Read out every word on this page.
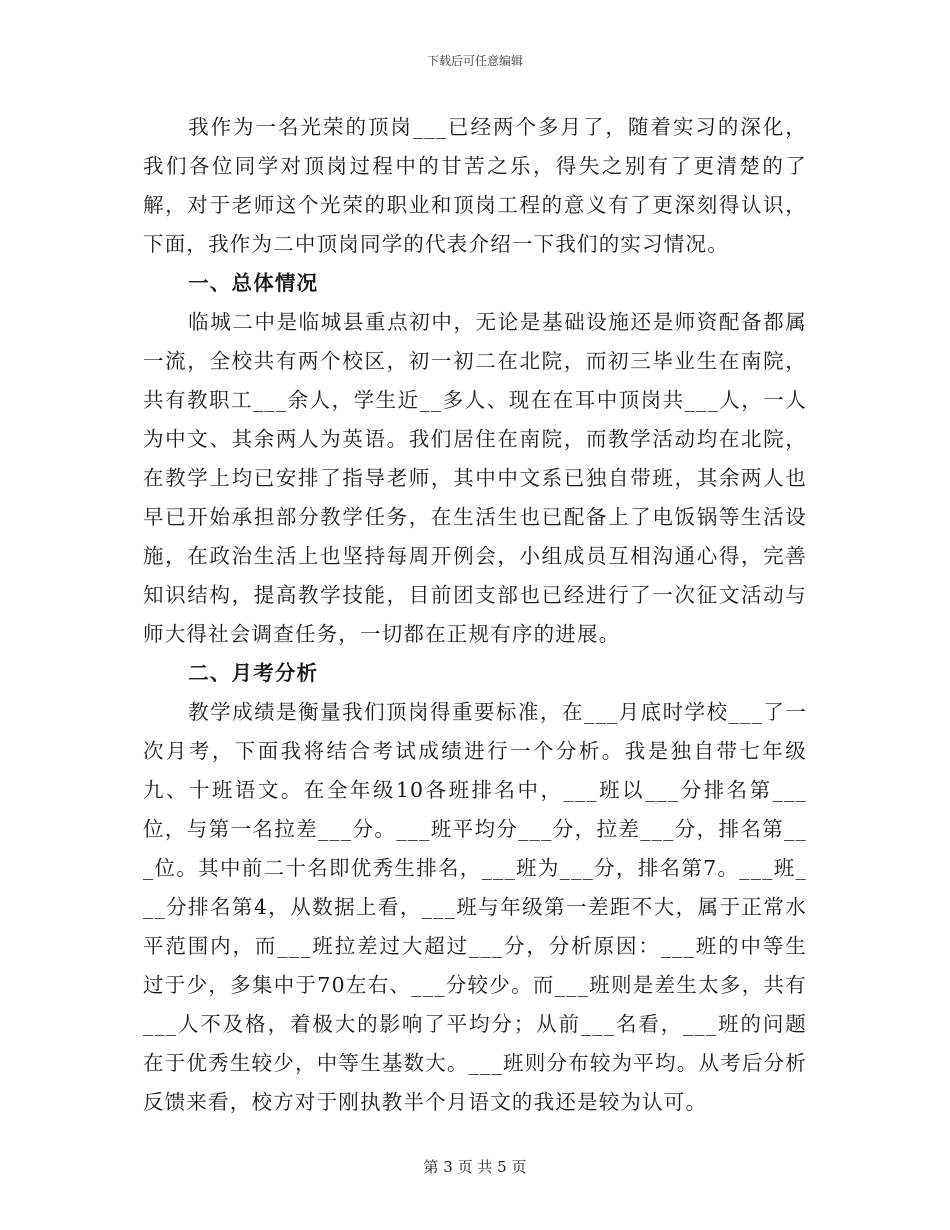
下载后可任意编辑

我作为一名光荣的顶岗___已经两个多月了，随着实习的深化，我们各位同学对顶岗过程中的甘苦之乐，得失之别有了更清楚的了解，对于老师这个光荣的职业和顶岗工程的意义有了更深刻得认识，下面，我作为二中顶岗同学的代表介绍一下我们的实习情况。

一、总体情况

临城二中是临城县重点初中，无论是基础设施还是师资配备都属一流，全校共有两个校区，初一初二在北院，而初三毕业生在南院，共有教职工___余人，学生近__多人、现在在耳中顶岗共___人，一人为中文、其余两人为英语。我们居住在南院，而教学活动均在北院，在教学上均已安排了指导老师，其中中文系已独自带班，其余两人也早已开始承担部分教学任务，在生活生也已配备上了电饭锅等生活设施，在政治生活上也坚持每周开例会，小组成员互相沟通心得，完善知识结构，提高教学技能，目前团支部也已经进行了一次征文活动与师大得社会调查任务，一切都在正规有序的进展。

二、月考分析

教学成绩是衡量我们顶岗得重要标准，在___月底时学校___了一次月考，下面我将结合考试成绩进行一个分析。我是独自带七年级九、十班语文。在全年级10各班排名中，___班以___分排名第___位，与第一名拉差___分。___班平均分___分，拉差___分，排名第___位。其中前二十名即优秀生排名，___班为___分，排名第7。___班___分排名第4，从数据上看，___班与年级第一差距不大，属于正常水平范围内，而___班拉差过大超过___分，分析原因：___班的中等生过于少，多集中于70左右、___分较少。而___班则是差生太多，共有___人不及格，着极大的影响了平均分；从前___名看，___班的问题在于优秀生较少，中等生基数大。___班则分布较为平均。从考后分析反馈来看，校方对于刚执教半个月语文的我还是较为认可。

第 3 页 共 5 页
